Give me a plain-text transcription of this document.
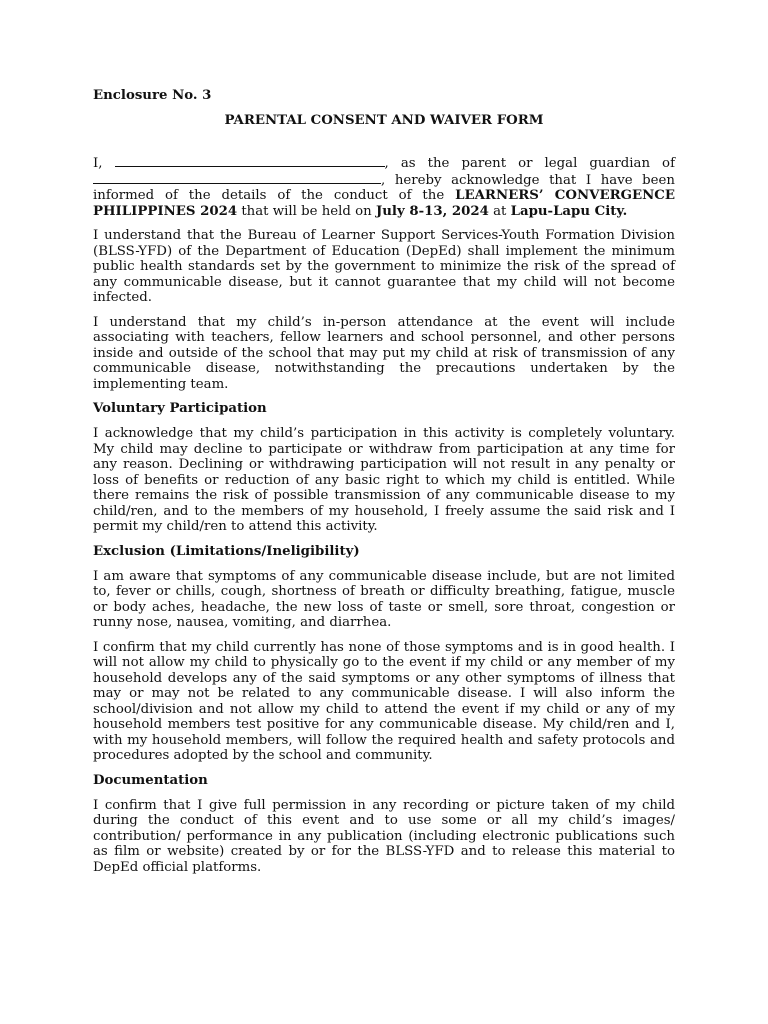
Enclosure No. 3
PARENTAL CONSENT AND WAIVER FORM

I,	, as the parent or legal guardian of , hereby acknowledge that I have been informed of the details of the conduct of the LEARNERS’ CONVERGENCE PHILIPPINES 2024 that will be held on July 8-13, 2024 at Lapu-Lapu City.

I understand that the Bureau of Learner Support Services-Youth Formation Division (BLSS-YFD) of the Department of Education (DepEd) shall implement the minimum public health standards set by the government to minimize the risk of the spread of any communicable disease, but it cannot guarantee that my child will not become infected.

I understand that my child’s in-person attendance at the event will include associating with teachers, fellow learners and school personnel, and other persons inside and outside of the school that may put my child at risk of transmission of any communicable disease, notwithstanding the precautions undertaken by the implementing team.

Voluntary Participation

I acknowledge that my child’s participation in this activity is completely voluntary. My child may decline to participate or withdraw from participation at any time for any reason. Declining or withdrawing participation will not result in any penalty or loss of benefits or reduction of any basic right to which my child is entitled. While there remains the risk of possible transmission of any communicable disease to my child/ren, and to the members of my household, I freely assume the said risk and I permit my child/ren to attend this activity.

Exclusion (Limitations/Ineligibility)

I am aware that symptoms of any communicable disease include, but are not limited to, fever or chills, cough, shortness of breath or difficulty breathing, fatigue, muscle or body aches, headache, the new loss of taste or smell, sore throat, congestion or runny nose, nausea, vomiting, and diarrhea.

I confirm that my child currently has none of those symptoms and is in good health. I will not allow my child to physically go to the event if my child or any member of my household develops any of the said symptoms or any other symptoms of illness that may or may not be related to any communicable disease. I will also inform the school/division and not allow my child to attend the event if my child or any of my household members test positive for any communicable disease. My child/ren and I, with my household members, will follow the required health and safety protocols and procedures adopted by the school and community.

Documentation

I confirm that I give full permission in any recording or picture taken of my child during the conduct of this event and to use some or all my child’s images/ contribution/ performance in any publication (including electronic publications such as film or website) created by or for the BLSS-YFD and to release this material to DepEd official platforms.
